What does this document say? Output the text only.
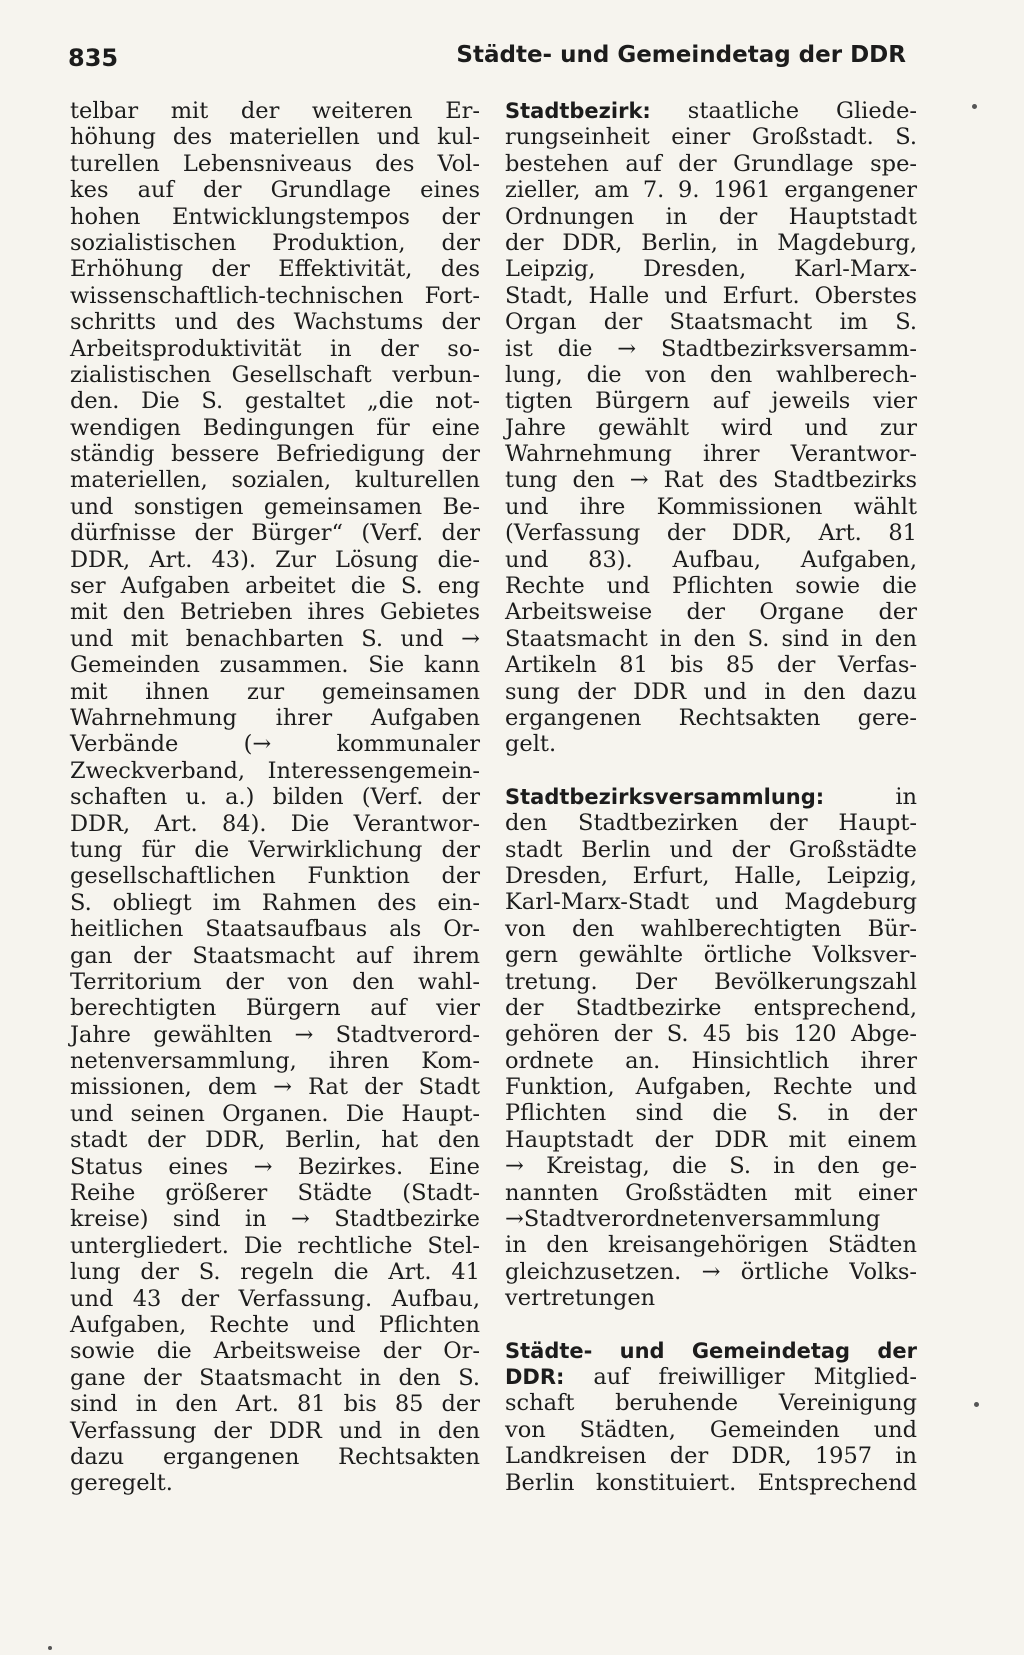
835	Städte- und Gemeindetag der DDR
telbar mit der weiteren Er-
höhung des materiellen und kul-
turellen Lebensniveaus des Vol-
kes auf der Grundlage eines
hohen Entwicklungstempos der
sozialistischen Produktion, der
Erhöhung der Effektivität, des
wissenschaftlich-technischen Fort-
schritts und des Wachstums der
Arbeitsproduktivität in der so-
zialistischen Gesellschaft verbun-
den. Die S. gestaltet „die not-
wendigen Bedingungen für eine
ständig bessere Befriedigung der
materiellen, sozialen, kulturellen
und sonstigen gemeinsamen Be-
dürfnisse der Bürger“ (Verf. der
DDR, Art. 43). Zur Lösung die-
ser Aufgaben arbeitet die S. eng
mit den Betrieben ihres Gebietes
und mit benachbarten S. und →
Gemeinden zusammen. Sie kann
mit ihnen zur gemeinsamen
Wahrnehmung ihrer Aufgaben
Verbände (→ kommunaler
Zweckverband, Interessengemein-
schaften u. a.) bilden (Verf. der
DDR, Art. 84). Die Verantwor-
tung für die Verwirklichung der
gesellschaftlichen Funktion der
S. obliegt im Rahmen des ein-
heitlichen Staatsaufbaus als Or-
gan der Staatsmacht auf ihrem
Territorium der von den wahl-
berechtigten Bürgern auf vier
Jahre gewählten → Stadtverord-
netenversammlung, ihren Kom-
missionen, dem → Rat der Stadt
und seinen Organen. Die Haupt-
stadt der DDR, Berlin, hat den
Status eines → Bezirkes. Eine
Reihe größerer Städte (Stadt-
kreise) sind in → Stadtbezirke
untergliedert. Die rechtliche Stel-
lung der S. regeln die Art. 41
und 43 der Verfassung. Aufbau,
Aufgaben, Rechte und Pflichten
sowie die Arbeitsweise der Or-
gane der Staatsmacht in den S.
sind in den Art. 81 bis 85 der
Verfassung der DDR und in den
dazu ergangenen Rechtsakten
geregelt.
Stadtbezirk: staatliche Gliede-
rungseinheit einer Großstadt. S.
bestehen auf der Grundlage spe-
zieller, am 7. 9. 1961 ergangener
Ordnungen in der Hauptstadt
der DDR, Berlin, in Magdeburg,
Leipzig, Dresden, Karl-Marx-
Stadt, Halle und Erfurt. Oberstes
Organ der Staatsmacht im S.
ist die → Stadtbezirksversamm-
lung, die von den wahlberech-
tigten Bürgern auf jeweils vier
Jahre gewählt wird und zur
Wahrnehmung ihrer Verantwor-
tung den → Rat des Stadtbezirks
und ihre Kommissionen wählt
(Verfassung der DDR, Art. 81
und 83). Aufbau, Aufgaben,
Rechte und Pflichten sowie die
Arbeitsweise der Organe der
Staatsmacht in den S. sind in den
Artikeln 81 bis 85 der Verfas-
sung der DDR und in den dazu
ergangenen Rechtsakten gere-
gelt.
Stadtbezirksversammlung:	in
den Stadtbezirken der Haupt-
stadt Berlin und der Großstädte
Dresden, Erfurt, Halle, Leipzig,
Karl-Marx-Stadt und Magdeburg
von den wahlberechtigten Bür-
gern gewählte örtliche Volksver-
tretung. Der Bevölkerungszahl
der Stadtbezirke entsprechend,
gehören der S. 45 bis 120 Abge-
ordnete an. Hinsichtlich ihrer
Funktion, Aufgaben, Rechte und
Pflichten sind die S. in der
Hauptstadt der DDR mit einem
→ Kreistag, die S. in den ge-
nannten Großstädten mit einer
→Stadtverordnetenversammlung
in den kreisangehörigen Städten
gleichzusetzen. → örtliche Volks-
vertretungen
Städte- und Gemeindetag der
DDR: auf freiwilliger Mitglied-
schaft beruhende Vereinigung
von Städten, Gemeinden und
Landkreisen der DDR, 1957 in
Berlin konstituiert. Entsprechend
